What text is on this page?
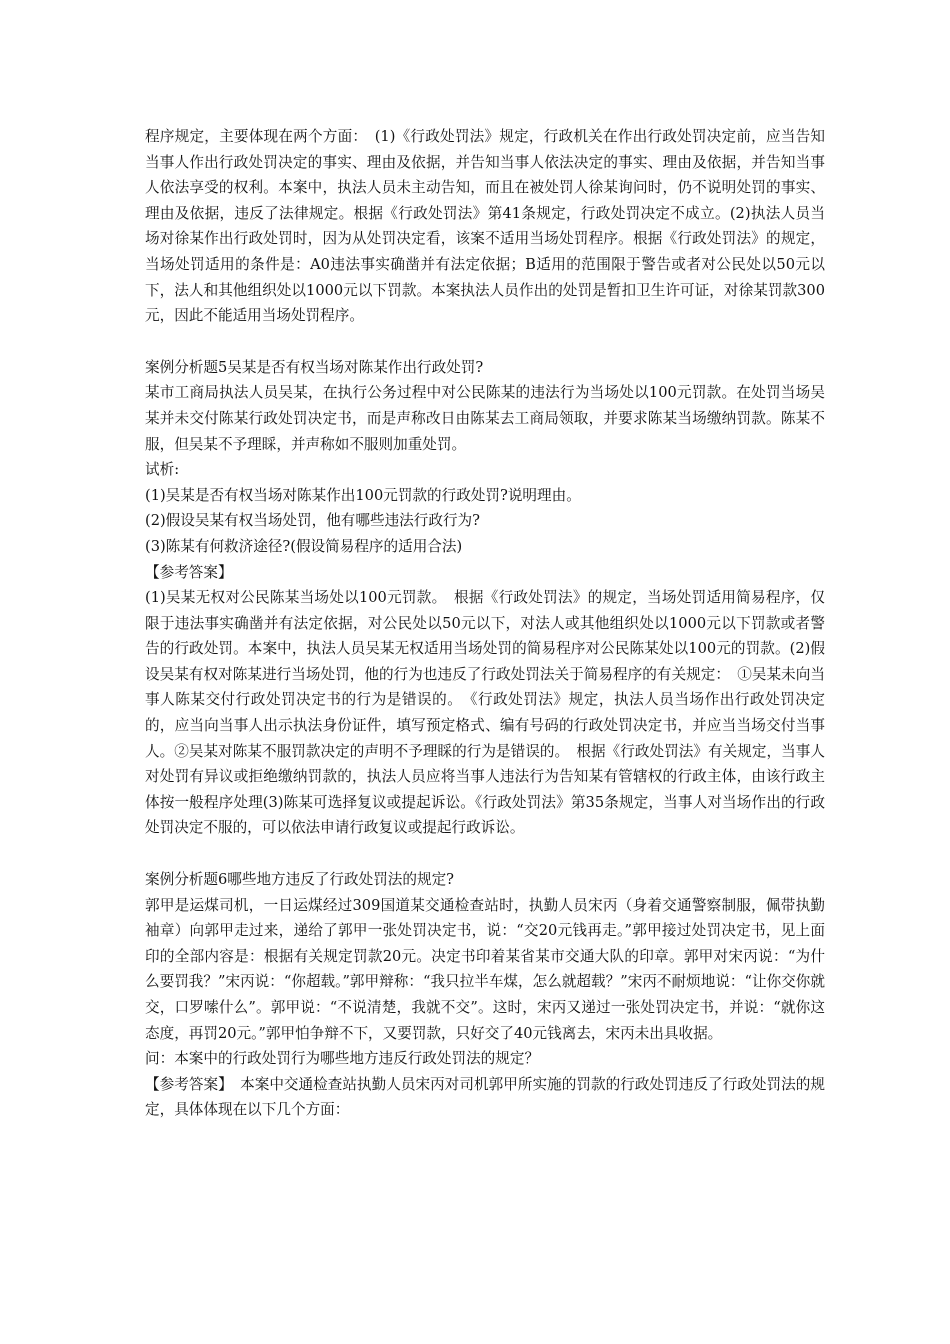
程序规定，主要体现在两个方面：　(1)《行政处罚法》规定，行政机关在作出行政处罚决定前，应当告知当事人作出行政处罚决定的事实、理由及依据，并告知当事人依法决定的事实、理由及依据，并告知当事人依法享受的权利。本案中，执法人员未主动告知，而且在被处罚人徐某询问时，仍不说明处罚的事实、理由及依据，违反了法律规定。根据《行政处罚法》第41条规定，行政处罚决定不成立。(2)执法人员当场对徐某作出行政处罚时，因为从处罚决定看，该案不适用当场处罚程序。根据《行政处罚法》的规定，当场处罚适用的条件是：A0违法事实确凿并有法定依据；B适用的范围限于警告或者对公民处以50元以下，法人和其他组织处以1000元以下罚款。本案执法人员作出的处罚是暂扣卫生许可证，对徐某罚款300元，因此不能适用当场处罚程序。

案例分析题5吴某是否有权当场对陈某作出行政处罚?

某市工商局执法人员吴某，在执行公务过程中对公民陈某的违法行为当场处以100元罚款。在处罚当场吴某并未交付陈某行政处罚决定书，而是声称改日由陈某去工商局领取，并要求陈某当场缴纳罚款。陈某不服，但吴某不予理睬，并声称如不服则加重处罚。

试析:

(1)吴某是否有权当场对陈某作出100元罚款的行政处罚?说明理由。

(2)假设吴某有权当场处罚，他有哪些违法行政行为?

(3)陈某有何救济途径?(假设简易程序的适用合法)

【参考答案】

(1)吴某无权对公民陈某当场处以100元罚款。　根据《行政处罚法》的规定，当场处罚适用简易程序，仅限于违法事实确凿并有法定依据，对公民处以50元以下，对法人或其他组织处以1000元以下罚款或者警告的行政处罚。本案中，执法人员吴某无权适用当场处罚的简易程序对公民陈某处以100元的罚款。(2)假设吴某有权对陈某进行当场处罚，他的行为也违反了行政处罚法关于简易程序的有关规定：　①吴某未向当事人陈某交付行政处罚决定书的行为是错误的。　《行政处罚法》规定，执法人员当场作出行政处罚决定的，应当向当事人出示执法身份证件，填写预定格式、编有号码的行政处罚决定书，并应当当场交付当事人。②吴某对陈某不服罚款决定的声明不予理睬的行为是错误的。　根据《行政处罚法》有关规定，当事人对处罚有异议或拒绝缴纳罚款的，执法人员应将当事人违法行为告知某有管辖权的行政主体，由该行政主体按一般程序处理(3)陈某可选择复议或提起诉讼。《行政处罚法》第35条规定，当事人对当场作出的行政处罚决定不服的，可以依法申请行政复议或提起行政诉讼。

案例分析题6哪些地方违反了行政处罚法的规定?

郭甲是运煤司机，一日运煤经过309国道某交通检查站时，执勤人员宋丙（身着交通警察制服，佩带执勤袖章）向郭甲走过来，递给了郭甲一张处罚决定书，说：“交20元钱再走。”郭甲接过处罚决定书，见上面印的全部内容是：根据有关规定罚款20元。决定书印着某省某市交通大队的印章。郭甲对宋丙说：“为什么要罚我？”宋丙说：“你超载。”郭甲辩称：“我只拉半车煤，怎么就超载？”宋丙不耐烦地说：“让你交你就交，口罗嗦什么”。郭甲说：“不说清楚，我就不交”。这时，宋丙又递过一张处罚决定书，并说：“就你这态度，再罚20元。”郭甲怕争辩不下，又要罚款，只好交了40元钱离去，宋丙未出具收据。

问：本案中的行政处罚行为哪些地方违反行政处罚法的规定？

【参考答案】　本案中交通检查站执勤人员宋丙对司机郭甲所实施的罚款的行政处罚违反了行政处罚法的规定，具体体现在以下几个方面：
